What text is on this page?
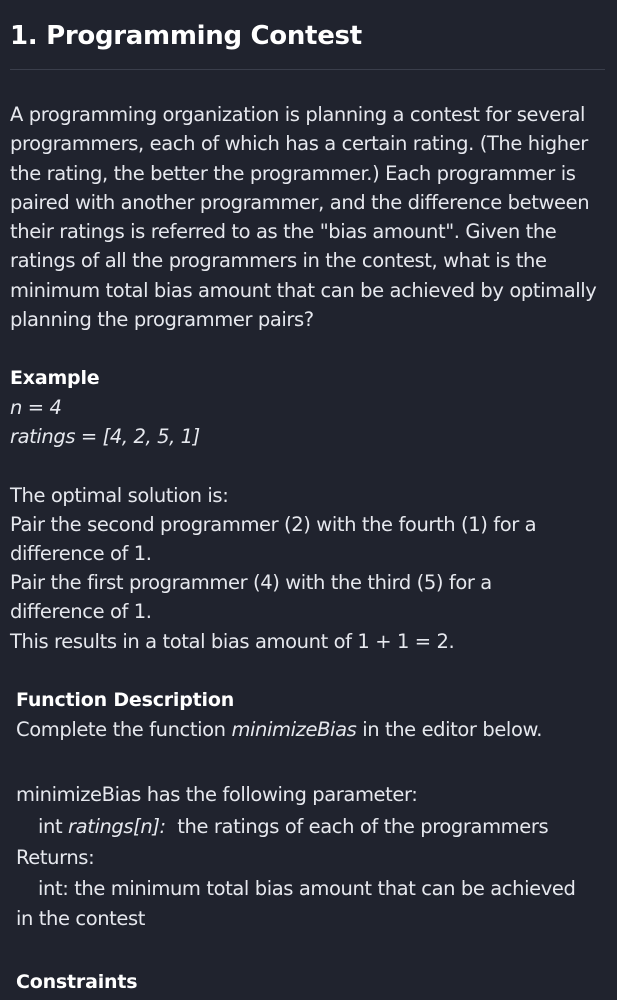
1. Programming Contest

A programming organization is planning a contest for several programmers, each of which has a certain rating. (The higher the rating, the better the programmer.) Each programmer is paired with another programmer, and the difference between their ratings is referred to as the "bias amount". Given the ratings of all the programmers in the contest, what is the minimum total bias amount that can be achieved by optimally planning the programmer pairs?

Example

n = 4

ratings = [4, 2, 5, 1]

The optimal solution is:

Pair the second programmer (2) with the fourth (1) for a

difference of 1.

Pair the first programmer (4) with the third (5) for a

difference of 1.

This results in a total bias amount of 1 + 1 = 2.

Function Description

Complete the function minimizeBias in the editor below.

minimizeBias has the following parameter:

int ratings[n]:  the ratings of each of the programmers

Returns:

int: the minimum total bias amount that can be achieved

in the contest

Constraints
